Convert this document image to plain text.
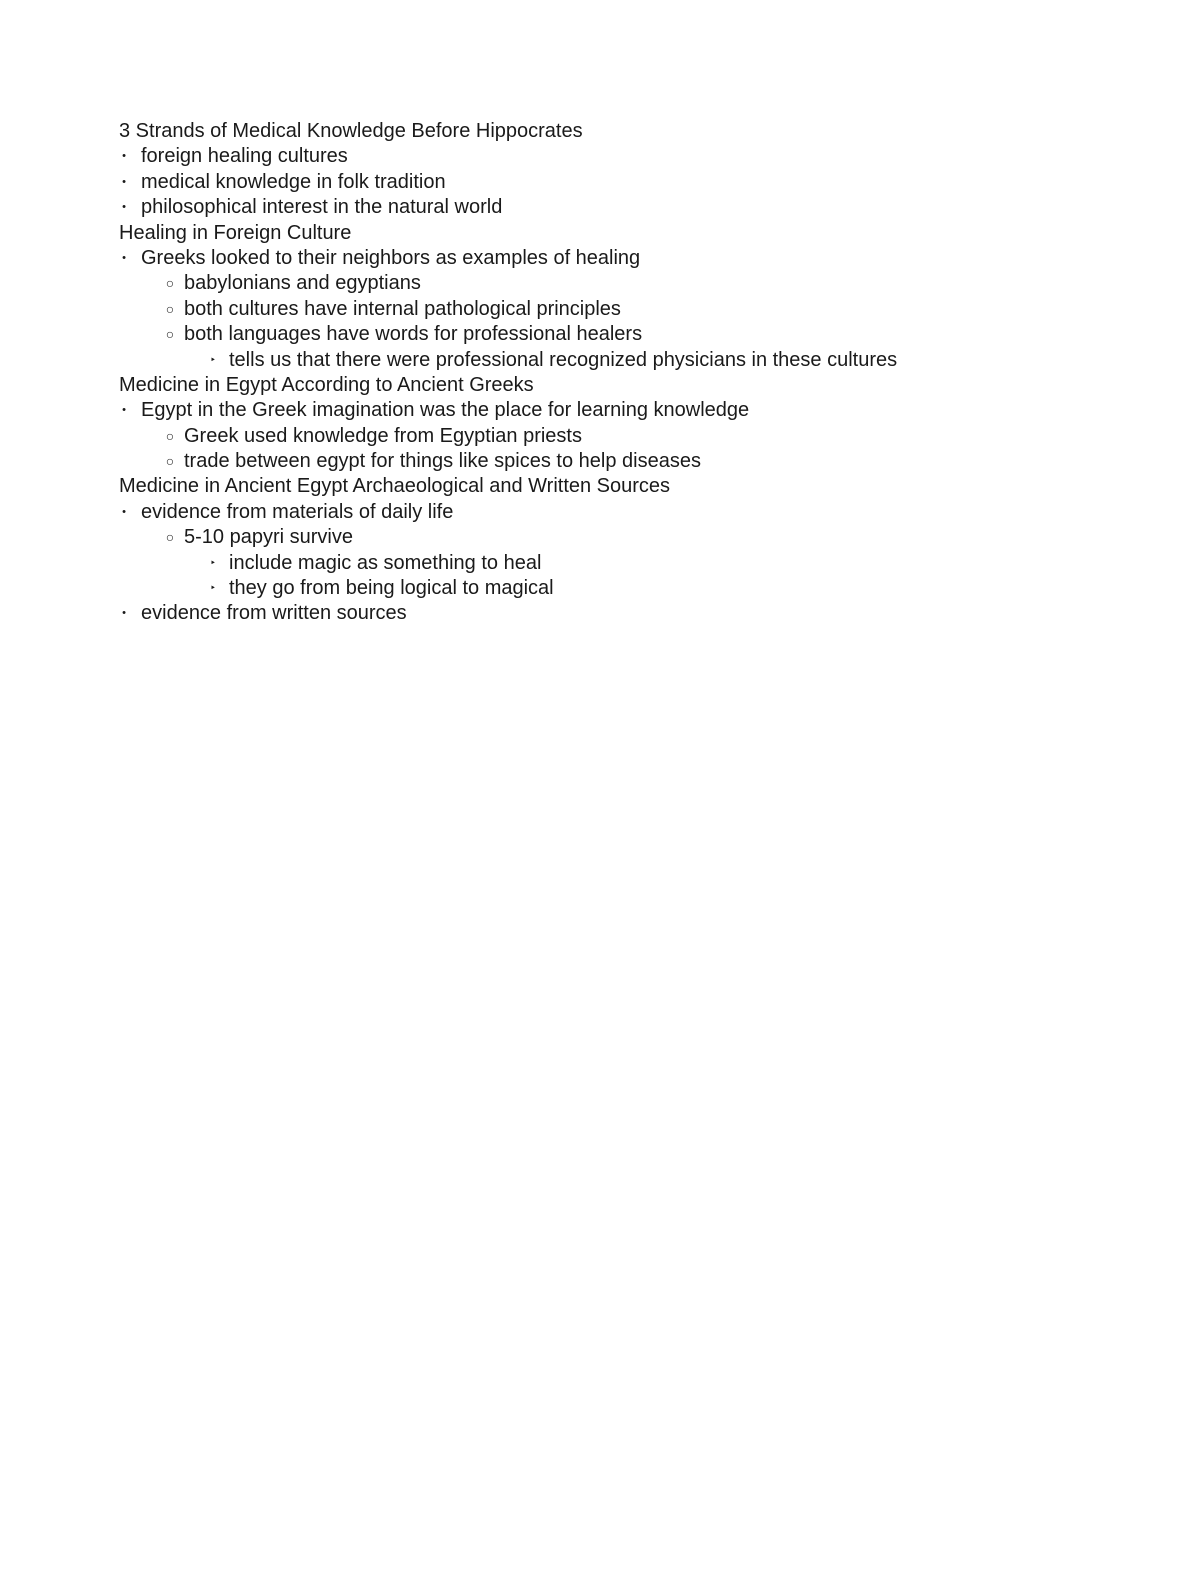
3 Strands of Medical Knowledge Before Hippocrates
• foreign healing cultures
• medical knowledge in folk tradition
• philosophical interest in the natural world
Healing in Foreign Culture
• Greeks looked to their neighbors as examples of healing
○ babylonians and egyptians
○ both cultures have internal pathological principles
○ both languages have words for professional healers
‣ tells us that there were professional recognized physicians in these cultures
Medicine in Egypt According to Ancient Greeks
• Egypt in the Greek imagination was the place for learning knowledge
○ Greek used knowledge from Egyptian priests
○ trade between egypt for things like spices to help diseases
Medicine in Ancient Egypt Archaeological and Written Sources
• evidence from materials of daily life
○ 5-10 papyri survive
‣ include magic as something to heal
‣ they go from being logical to magical
• evidence from written sources
